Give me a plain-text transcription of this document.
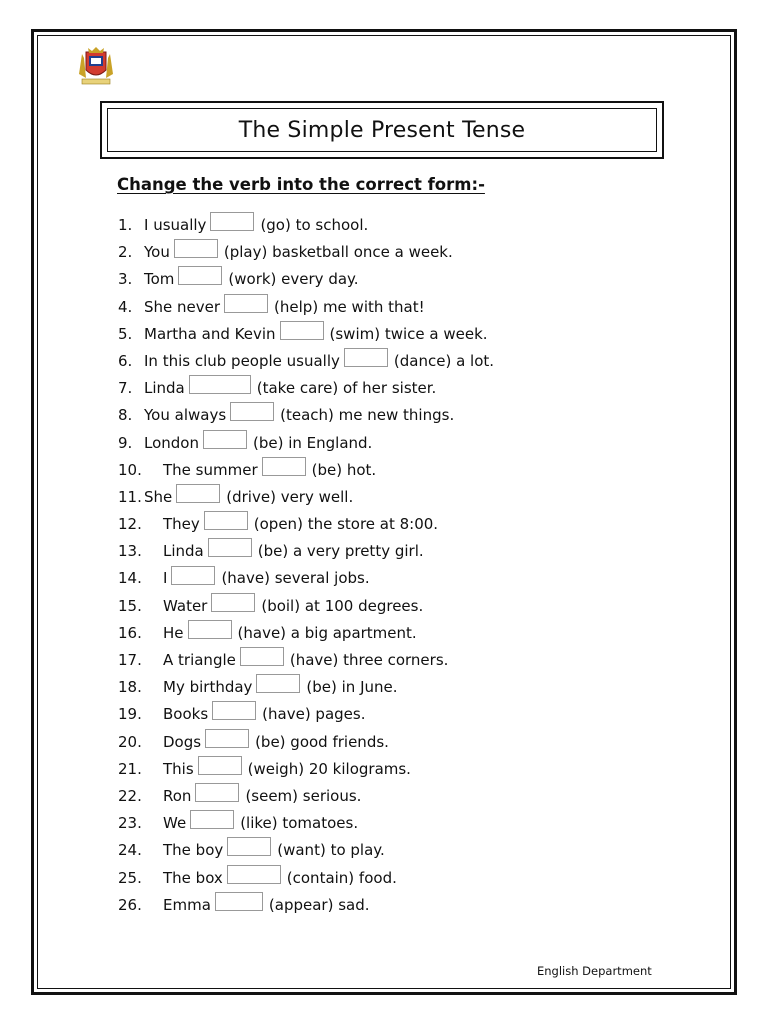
The Simple Present Tense
Change the verb into the correct form:-
1. I usually	(go) to school.
2. You	(play) basketball once a week.
3. Tom	(work) every day.
4. She never	(help) me with that!
5. Martha and Kevin	(swim) twice a week.
6. In this club people usually	(dance) a lot.
7. Linda	(take care) of her sister.
8. You always	(teach) me new things.
9. London	(be) in England.
10.	The summer	(be) hot.
11. She	(drive) very well.
12.	They	(open) the store at 8:00.
13.	Linda	(be) a very pretty girl.
14.	I	(have) several jobs.
15.	Water	(boil) at 100 degrees.
16.	He	(have) a big apartment.
17.	A triangle	(have) three corners.
18.	My birthday	(be) in June.
19.	Books	(have) pages.
20.	Dogs	(be) good friends.
21.	This	(weigh) 20 kilograms.
22.	Ron	(seem) serious.
23.	We	(like) tomatoes.
24.	The boy	(want) to play.
25.	The box	(contain) food.
26.	Emma	(appear) sad.
English Department
